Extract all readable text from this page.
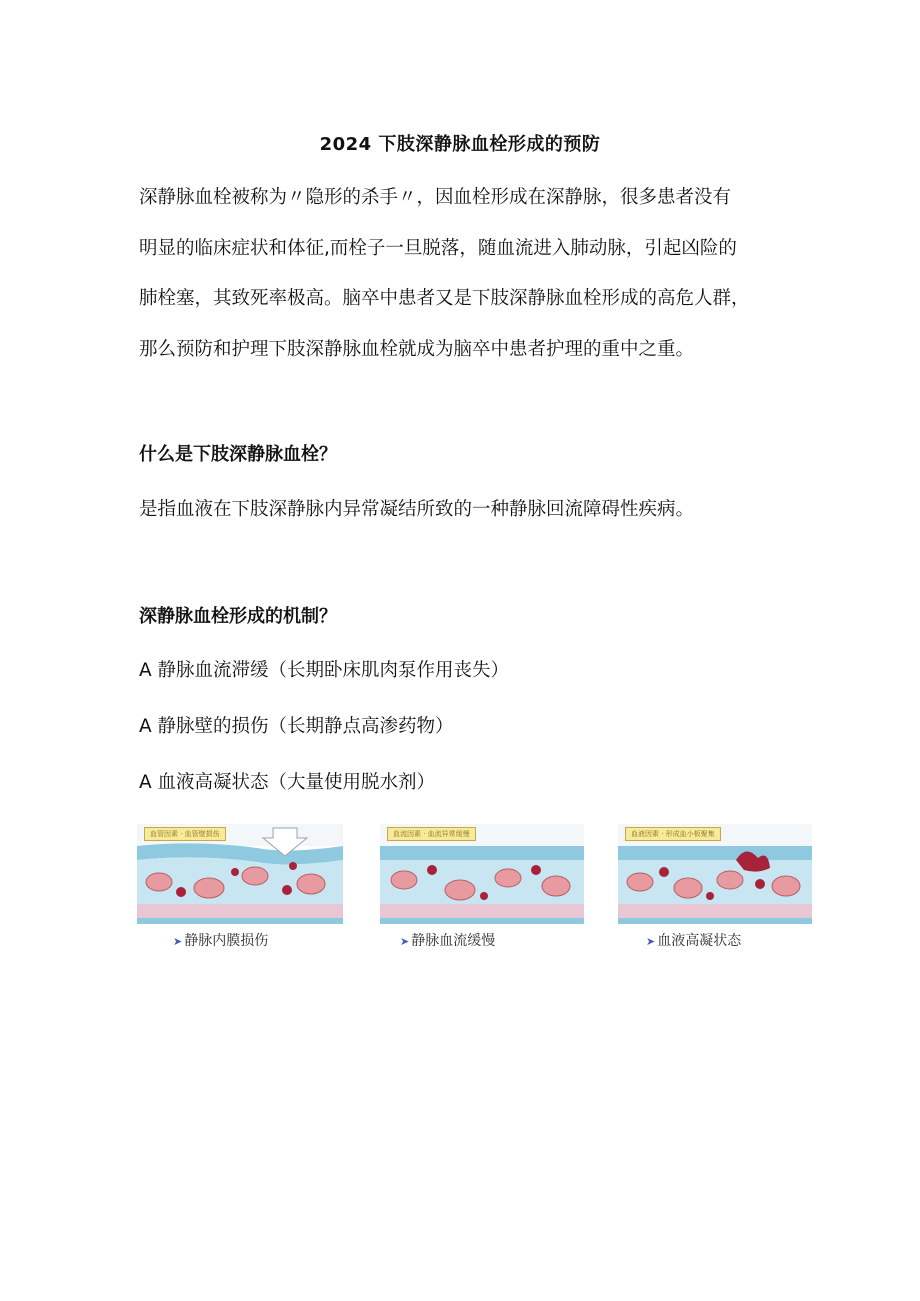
2024 下肢深静脉血栓形成的预防
深静脉血栓被称为〃隐形的杀手〃，因血栓形成在深静脉，很多患者没有
明显的临床症状和体征,而栓子一旦脱落，随血流进入肺动脉，引起凶险的
肺栓塞，其致死率极高。脑卒中患者又是下肢深静脉血栓形成的高危人群，
那么预防和护理下肢深静脉血栓就成为脑卒中患者护理的重中之重。
什么是下肢深静脉血栓？
是指血液在下肢深静脉内异常凝结所致的一种静脉回流障碍性疾病。
深静脉血栓形成的机制？
A 静脉血流滞缓（长期卧床肌肉泵作用丧失）
A 静脉壁的损伤（长期静点高渗药物）
A 血液高凝状态（大量使用脱水剂）
血管因素 · 血管壁损伤
➤ 静脉内膜损伤
血流因素 · 血流异常缓慢
➤ 静脉血流缓慢
血液因素 · 形成血小板聚集
➤ 血液高凝状态
